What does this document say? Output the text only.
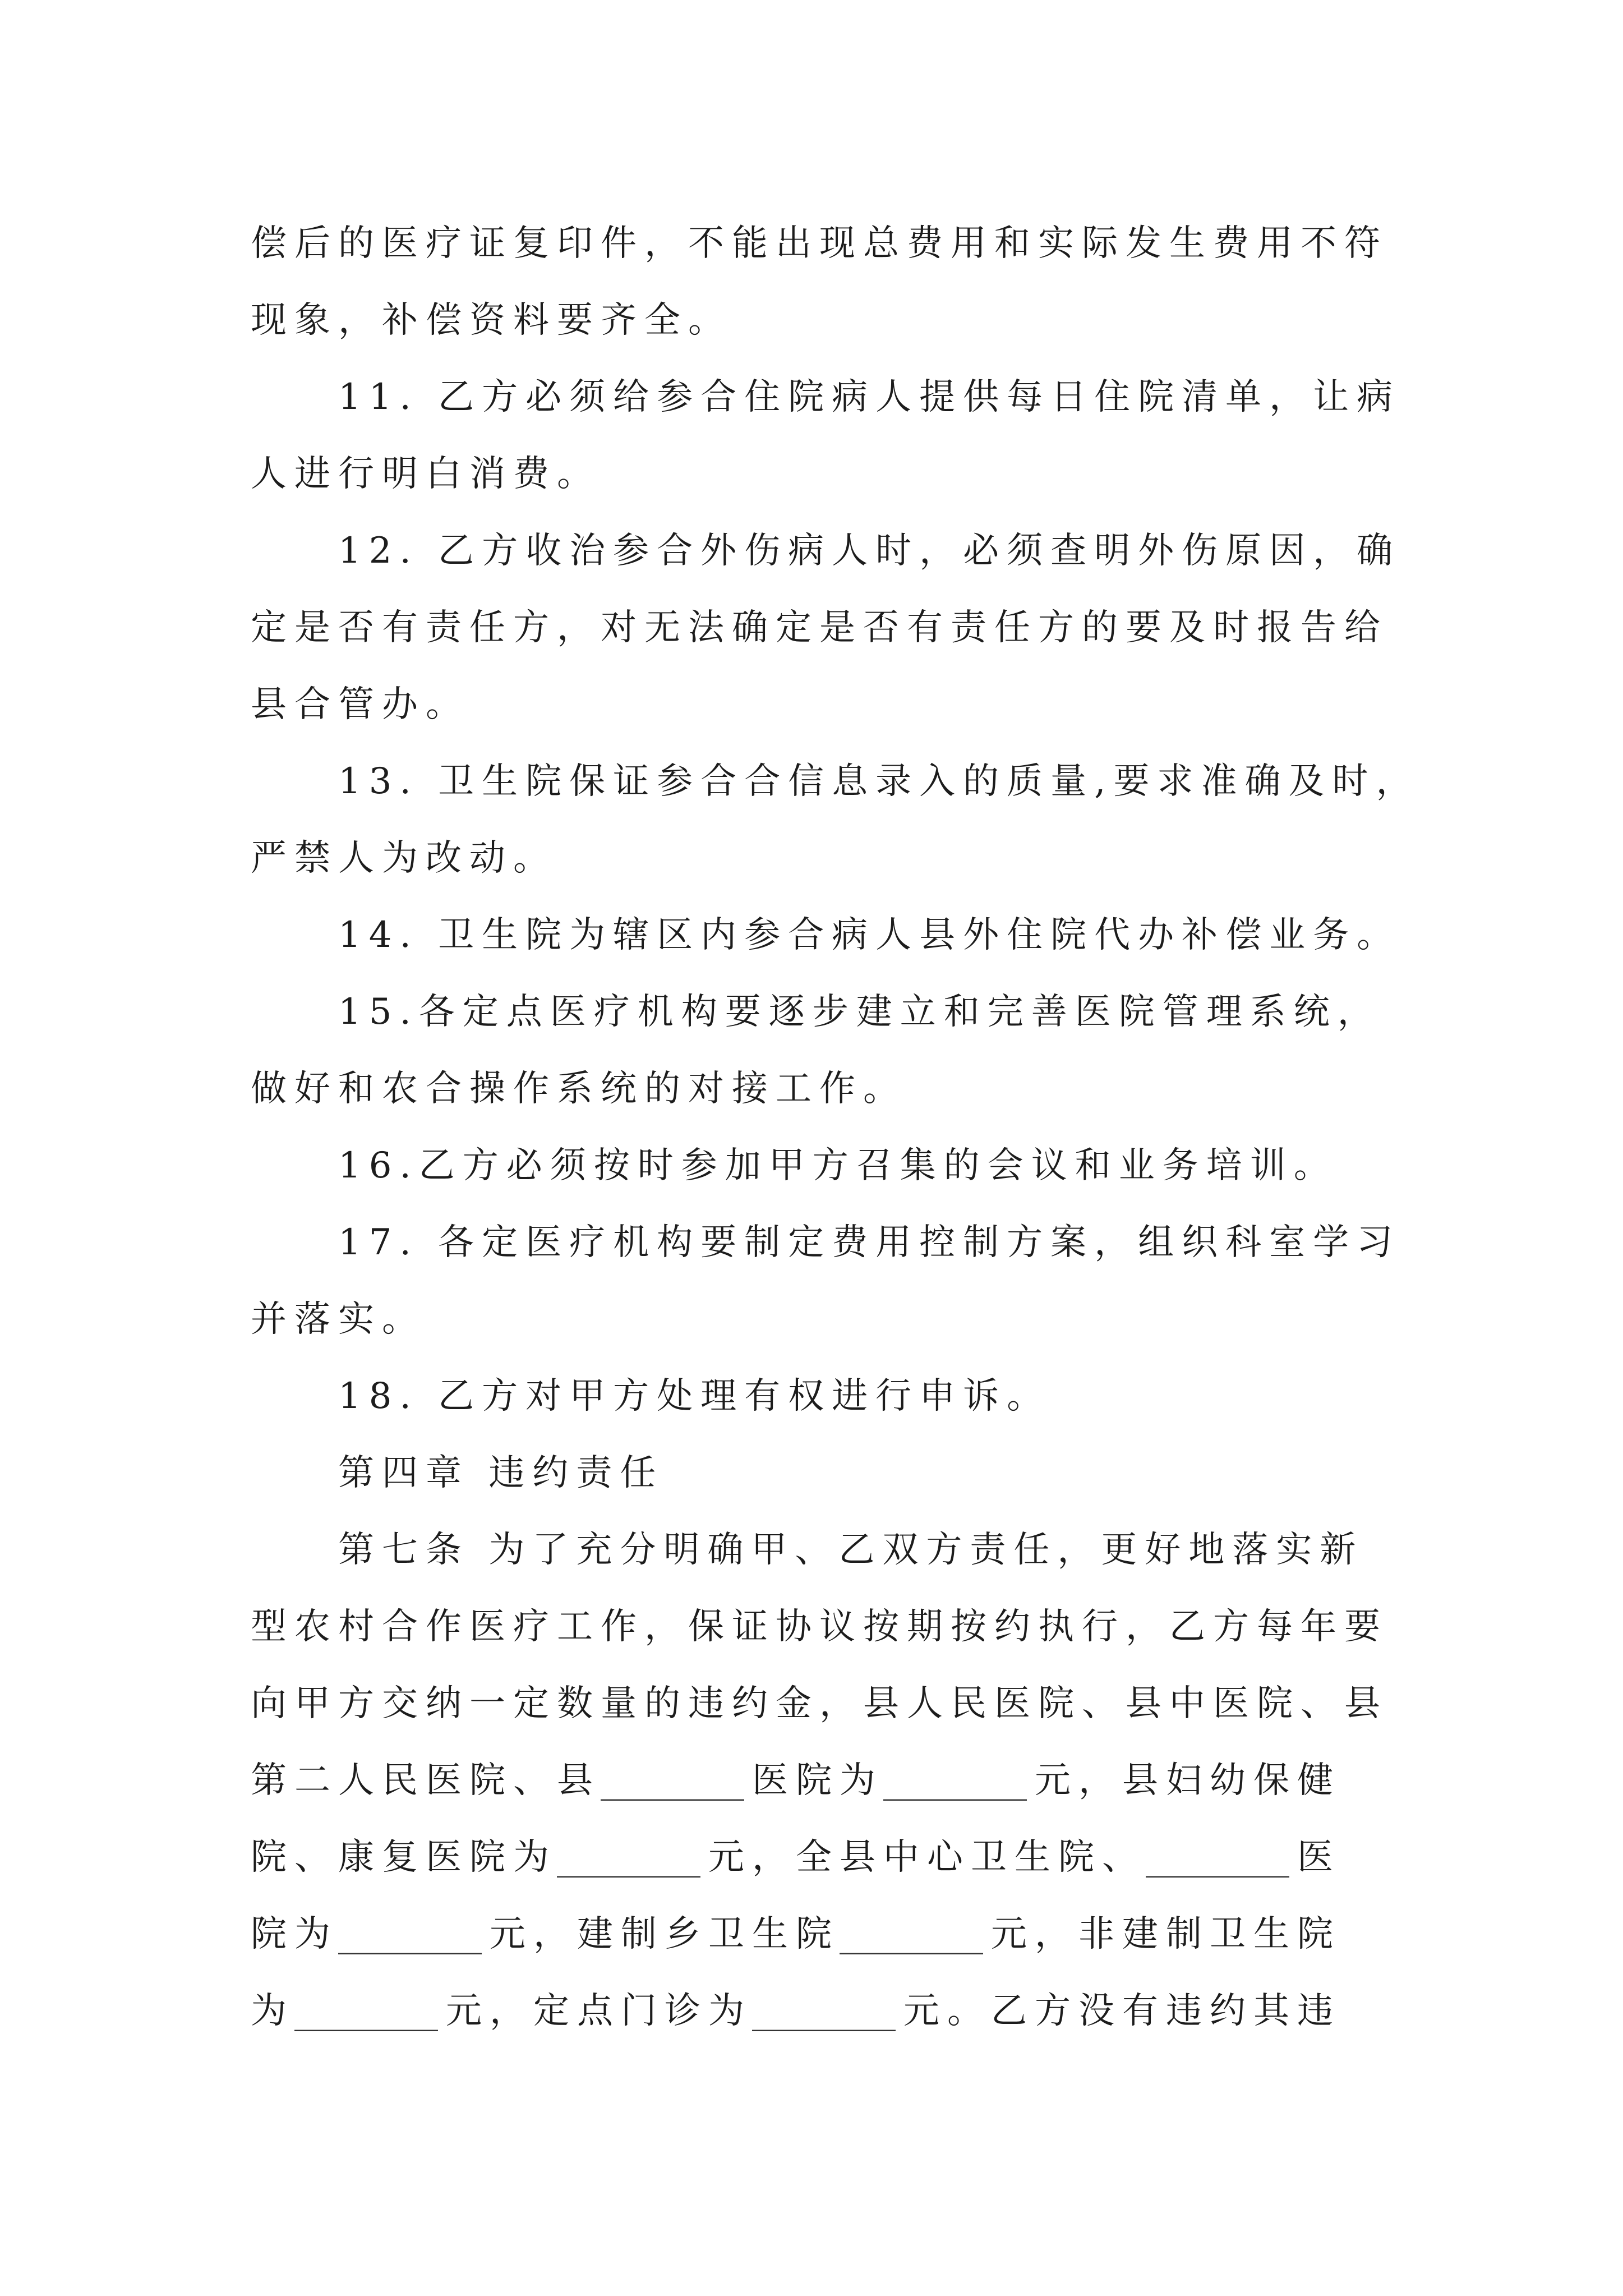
偿后的医疗证复印件，不能出现总费用和实际发生费用不符
现象，补偿资料要齐全。
11. 乙方必须给参合住院病人提供每日住院清单，让病
人进行明白消费。
12. 乙方收治参合外伤病人时，必须查明外伤原因，确
定是否有责任方，对无法确定是否有责任方的要及时报告给
县合管办。
13. 卫生院保证参合合信息录入的质量,要求准确及时，
严禁人为改动。
14. 卫生院为辖区内参合病人县外住院代办补偿业务。
15.各定点医疗机构要逐步建立和完善医院管理系统，
做好和农合操作系统的对接工作。
16.乙方必须按时参加甲方召集的会议和业务培训。
17. 各定医疗机构要制定费用控制方案，组织科室学习
并落实。
18. 乙方对甲方处理有权进行申诉。
第四章 违约责任
第七条 为了充分明确甲、乙双方责任，更好地落实新
型农村合作医疗工作，保证协议按期按约执行，乙方每年要
向甲方交纳一定数量的违约金，县人民医院、县中医院、县
第二人民医院、县________ 医院为________ 元，县妇幼保健
院、康复医院为________ 元，全县中心卫生院、________ 医
院为________ 元，建制乡卫生院________ 元，非建制卫生院
为________ 元，定点门诊为________ 元。乙方没有违约其违
